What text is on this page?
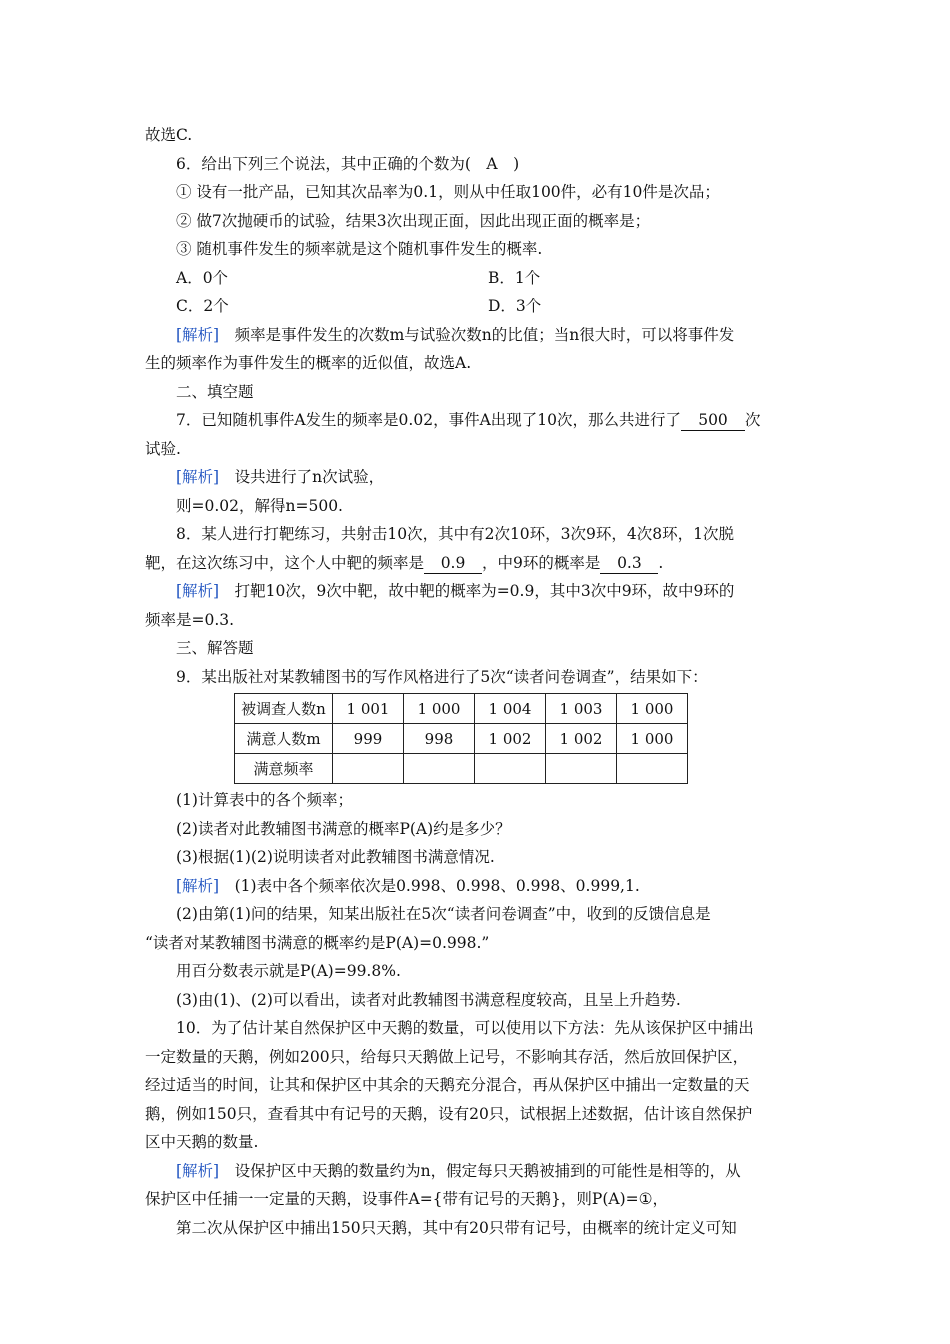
故选C.
6．给出下列三个说法，其中正确的个数为(　A　)
① 设有一批产品，已知其次品率为0.1，则从中任取100件，必有10件是次品；
② 做7次抛硬币的试验，结果3次出现正面，因此出现正面的概率是；
③ 随机事件发生的频率就是这个随机事件发生的概率.
A．0个	B．1个
C．2个	D．3个
[解析]　频率是事件发生的次数m与试验次数n的比值；当n很大时，可以将事件发
生的频率作为事件发生的概率的近似值，故选A.
二、填空题
7．已知随机事件A发生的频率是0.02，事件A出现了10次，那么共进行了 500 次
试验.
[解析]　设共进行了n次试验，
则=0.02，解得n=500.
8．某人进行打靶练习，共射击10次，其中有2次10环，3次9环，4次8环，1次脱
靶，在这次练习中，这个人中靶的频率是 0.9 ，中9环的概率是 0.3 .
[解析]　打靶10次，9次中靶，故中靶的概率为=0.9，其中3次中9环，故中9环的
频率是=0.3.
三、解答题
9．某出版社对某教辅图书的写作风格进行了5次“读者问卷调查”，结果如下：
被调查人数n	1 001	1 000	1 004	1 003	1 000
满意人数m	999	998	1 002	1 002	1 000
满意频率					
(1)计算表中的各个频率；
(2)读者对此教辅图书满意的概率P(A)约是多少？
(3)根据(1)(2)说明读者对此教辅图书满意情况.
[解析]　(1)表中各个频率依次是0.998、0.998、0.998、0.999,1.
(2)由第(1)问的结果，知某出版社在5次“读者问卷调查”中，收到的反馈信息是
“读者对某教辅图书满意的概率约是P(A)=0.998.”
用百分数表示就是P(A)=99.8%.
(3)由(1)、(2)可以看出，读者对此教辅图书满意程度较高，且呈上升趋势.
10．为了估计某自然保护区中天鹅的数量，可以使用以下方法：先从该保护区中捕出
一定数量的天鹅，例如200只，给每只天鹅做上记号，不影响其存活，然后放回保护区，
经过适当的时间，让其和保护区中其余的天鹅充分混合，再从保护区中捕出一定数量的天
鹅，例如150只，查看其中有记号的天鹅，设有20只，试根据上述数据，估计该自然保护
区中天鹅的数量.
[解析]　设保护区中天鹅的数量约为n，假定每只天鹅被捕到的可能性是相等的，从
保护区中任捕一一定量的天鹅，设事件A={带有记号的天鹅}，则P(A)=①，
第二次从保护区中捕出150只天鹅，其中有20只带有记号，由概率的统计定义可知
